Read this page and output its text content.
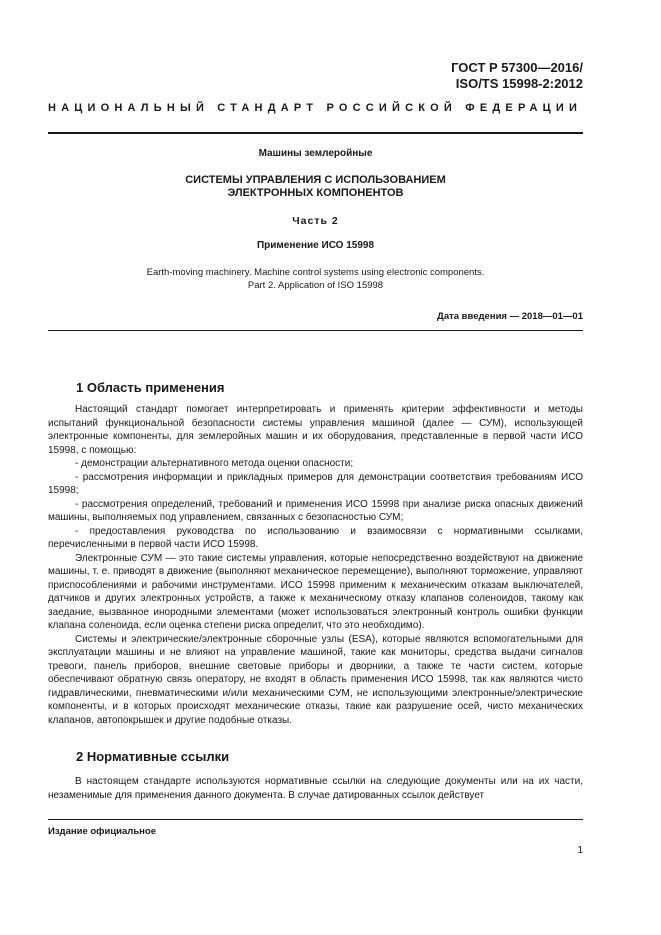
ГОСТ Р 57300—2016/
ISO/TS 15998-2:2012
НАЦИОНАЛЬНЫЙ СТАНДАРТ РОССИЙСКОЙ ФЕДЕРАЦИИ
Машины землеройные
СИСТЕМЫ УПРАВЛЕНИЯ С ИСПОЛЬЗОВАНИЕМ
ЭЛЕКТРОННЫХ КОМПОНЕНТОВ
Часть 2
Применение ИСО 15998
Earth-moving machinery. Machine control systems using electronic components.
Part 2. Application of ISO 15998
Дата введения — 2018—01—01
1 Область применения

Настоящий стандарт помогает интерпретировать и применять критерии эффективности и методы испытаний функциональной безопасности системы управления машиной (далее — СУМ), использующей электронные компоненты, для землеройных машин и их оборудования, представленные в первой части ИСО 15998, с помощью:

- демонстрации альтернативного метода оценки опасности;

- рассмотрения информации и прикладных примеров для демонстрации соответствия требованиям ИСО 15998;

- рассмотрения определений, требований и применения ИСО 15998 при анализе риска опасных движений машины, выполняемых под управлением, связанных с безопасностью СУМ;

- предоставления руководства по использованию и взаимосвязи с нормативными ссылками, перечисленными в первой части ИСО 15998.

Электронные СУМ — это такие системы управления, которые непосредственно воздействуют на движение машины, т. е. приводят в движение (выполняют механическое перемещение), выполняют торможение, управляют приспособлениями и рабочими инструментами. ИСО 15998 применим к механическим отказам выключателей, датчиков и других электронных устройств, а также к механическому отказу клапанов соленоидов, такому как заедание, вызванное инородными элементами (может использоваться электронный контроль ошибки функции клапана соленоида, если оценка степени риска определит, что это необходимо).

Системы и электрические/электронные сборочные узлы (ESA), которые являются вспомогательными для эксплуатации машины и не влияют на управление машиной, такие как мониторы, средства выдачи сигналов тревоги, панель приборов, внешние световые приборы и дворники, а также те части систем, которые обеспечивают обратную связь оператору, не входят в область применения ИСО 15998, так как являются чисто гидравлическими, пневматическими и/или механическими СУМ, не использующими электронные/электрические компоненты, и в которых происходят механические отказы, такие как разрушение осей, чисто механических клапанов, автопокрышек и другие подобные отказы.

2 Нормативные ссылки

В настоящем стандарте используются нормативные ссылки на следующие документы или на их части, незаменимые для применения данного документа. В случае датированных ссылок действует

Издание официальное
1
